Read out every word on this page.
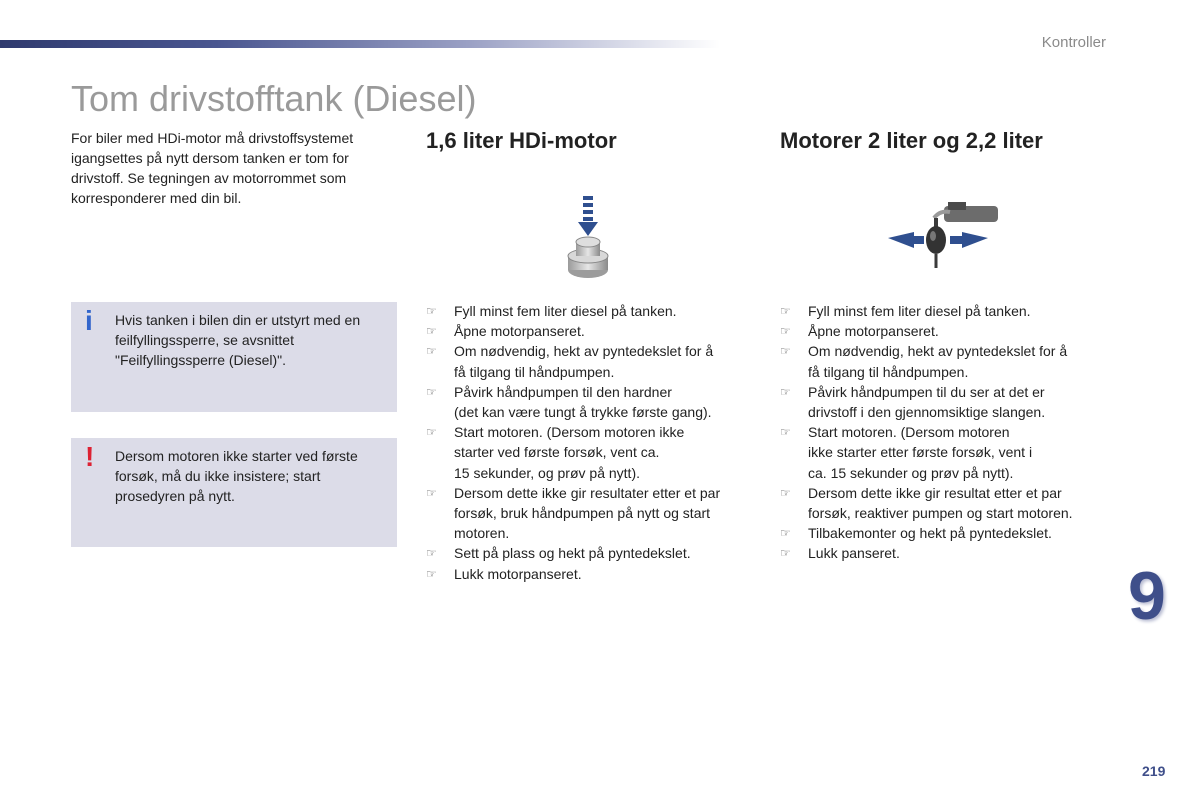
Kontroller
Tom drivstofftank (Diesel)

For biler med HDi-motor må drivstoffsystemet igangsettes på nytt dersom tanken er tom for drivstoff. Se tegningen av motorrommet som korresponderer med din bil.

i Hvis tanken i bilen din er utstyrt med en feilfyllingssperre, se avsnittet "Feilfyllingssperre (Diesel)".
! Dersom motoren ikke starter ved første forsøk, må du ikke insistere; start prosedyren på nytt.
1,6 liter HDi-motor	Motorer 2 liter og 2,2 liter
☞ Fyll minst fem liter diesel på tanken.
☞ Åpne motorpanseret.
☞ Om nødvendig, hekt av pyntedekslet for å
få tilgang til håndpumpen.
☞ Påvirk håndpumpen til den hardner
(det kan være tungt å trykke første gang).
☞ Start motoren. (Dersom motoren ikke
starter ved første forsøk, vent ca.
15 sekunder, og prøv på nytt).
☞ Dersom dette ikke gir resultater etter et par
forsøk, bruk håndpumpen på nytt og start
motoren.
☞ Sett på plass og hekt på pyntedekslet.
☞ Lukk motorpanseret.
☞ Fyll minst fem liter diesel på tanken.
☞ Åpne motorpanseret.
☞ Om nødvendig, hekt av pyntedekslet for å
få tilgang til håndpumpen.
☞ Påvirk håndpumpen til du ser at det er
drivstoff i den gjennomsiktige slangen.
☞ Start motoren. (Dersom motoren
ikke starter etter første forsøk, vent i
ca. 15 sekunder og prøv på nytt).
☞ Dersom dette ikke gir resultat etter et par
forsøk, reaktiver pumpen og start motoren.
☞ Tilbakemonter og hekt på pyntedekslet.
☞ Lukk panseret.
9
219
